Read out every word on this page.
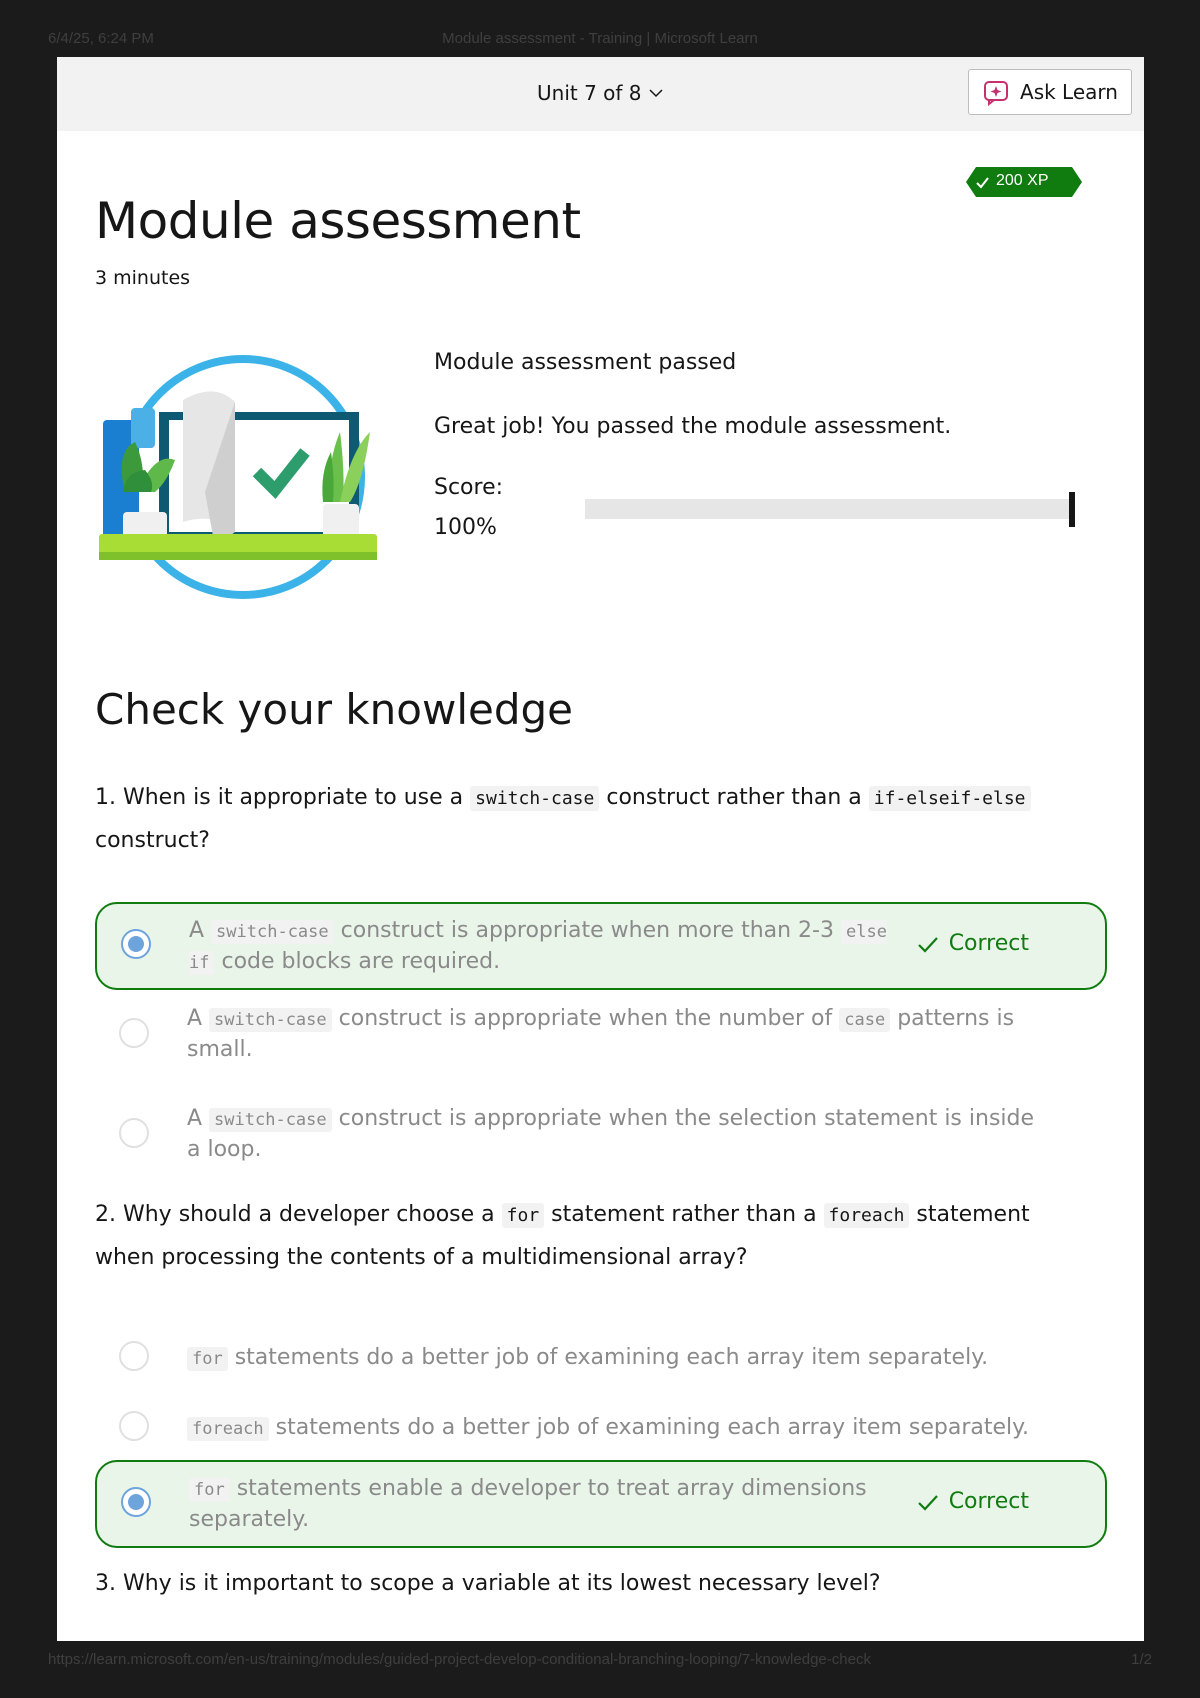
6/4/25, 6:24 PM	Module assessment - Training | Microsoft Learn
Unit 7 of 8	Ask Learn
200 XP
Module assessment
3 minutes
Module assessment passed
Great job! You passed the module assessment.
Score:
100%
Check your knowledge

1. When is it appropriate to use a switch-case construct rather than a if-elseif-else construct?

A switch-case construct is appropriate when more than 2-3 else if code blocks are required.
Correct
A switch-case construct is appropriate when the number of case patterns is small.
A switch-case construct is appropriate when the selection statement is inside a loop.

2. Why should a developer choose a for statement rather than a foreach statement when processing the contents of a multidimensional array?

for statements do a better job of examining each array item separately.
foreach statements do a better job of examining each array item separately.
for statements enable a developer to treat array dimensions separately.
Correct

3. Why is it important to scope a variable at its lowest necessary level?

https://learn.microsoft.com/en-us/training/modules/guided-project-develop-conditional-branching-looping/7-knowledge-check	1/2
